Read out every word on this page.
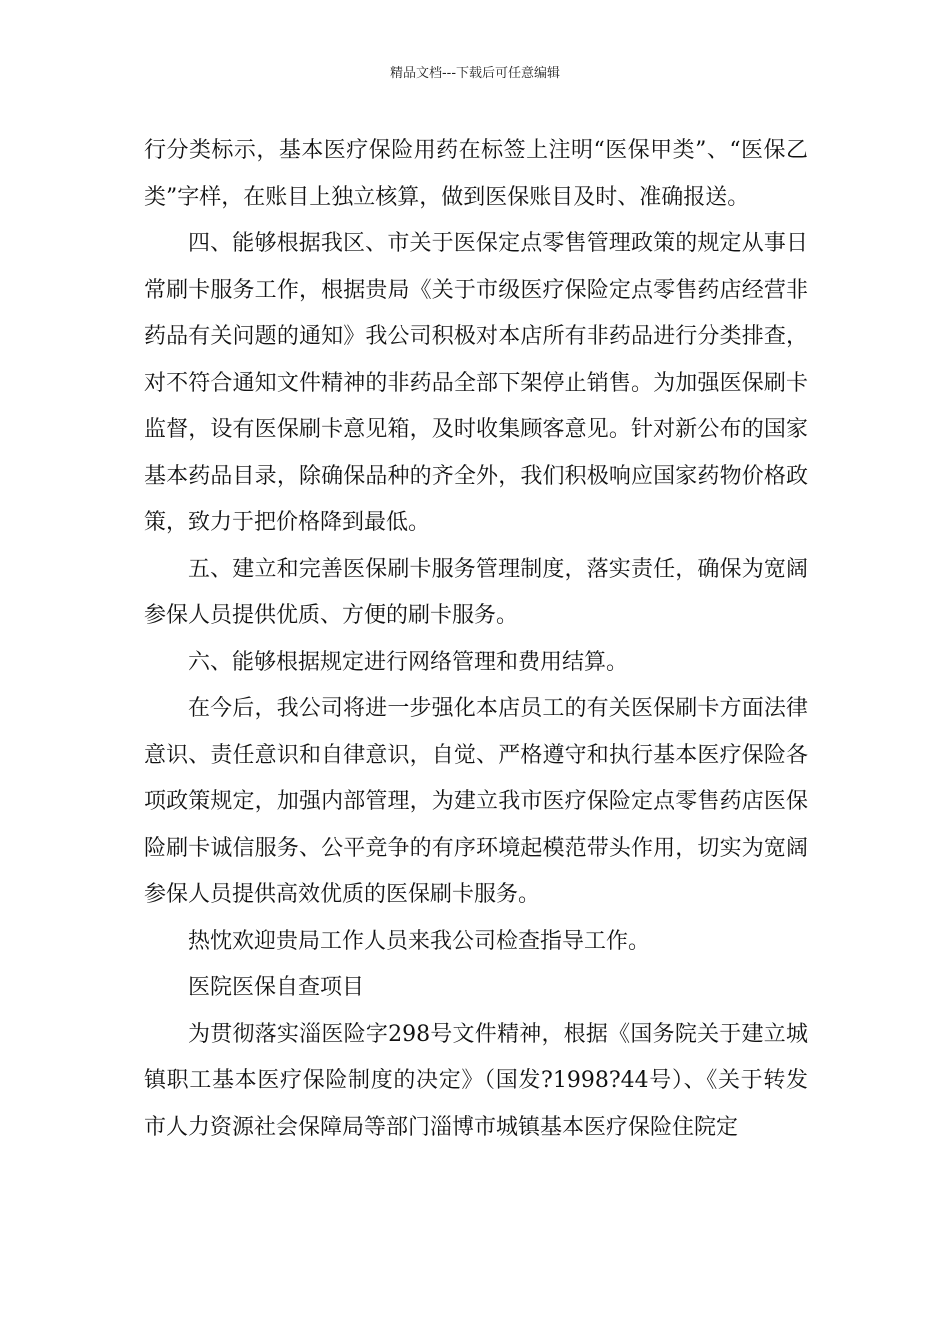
精品文档---下载后可任意编辑

行分类标示，基本医疗保险用药在标签上注明“医保甲类”、“医保乙类”字样，在账目上独立核算，做到医保账目及时、准确报送。

四、能够根据我区、市关于医保定点零售管理政策的规定从事日常刷卡服务工作，根据贵局《关于市级医疗保险定点零售药店经营非药品有关问题的通知》我公司积极对本店所有非药品进行分类排查，对不符合通知文件精神的非药品全部下架停止销售。为加强医保刷卡监督，设有医保刷卡意见箱，及时收集顾客意见。针对新公布的国家基本药品目录，除确保品种的齐全外，我们积极响应国家药物价格政策，致力于把价格降到最低。

五、建立和完善医保刷卡服务管理制度，落实责任，确保为宽阔参保人员提供优质、方便的刷卡服务。

六、能够根据规定进行网络管理和费用结算。

在今后，我公司将进一步强化本店员工的有关医保刷卡方面法律意识、责任意识和自律意识，自觉、严格遵守和执行基本医疗保险各项政策规定，加强内部管理，为建立我市医疗保险定点零售药店医保险刷卡诚信服务、公平竞争的有序环境起模范带头作用，切实为宽阔参保人员提供高效优质的医保刷卡服务。

热忱欢迎贵局工作人员来我公司检查指导工作。

医院医保自查项目

为贯彻落实淄医险字298号文件精神，根据《国务院关于建立城镇职工基本医疗保险制度的决定》（国发?1998?44号）、《关于转发市人力资源社会保障局等部门淄博市城镇基本医疗保险住院定
